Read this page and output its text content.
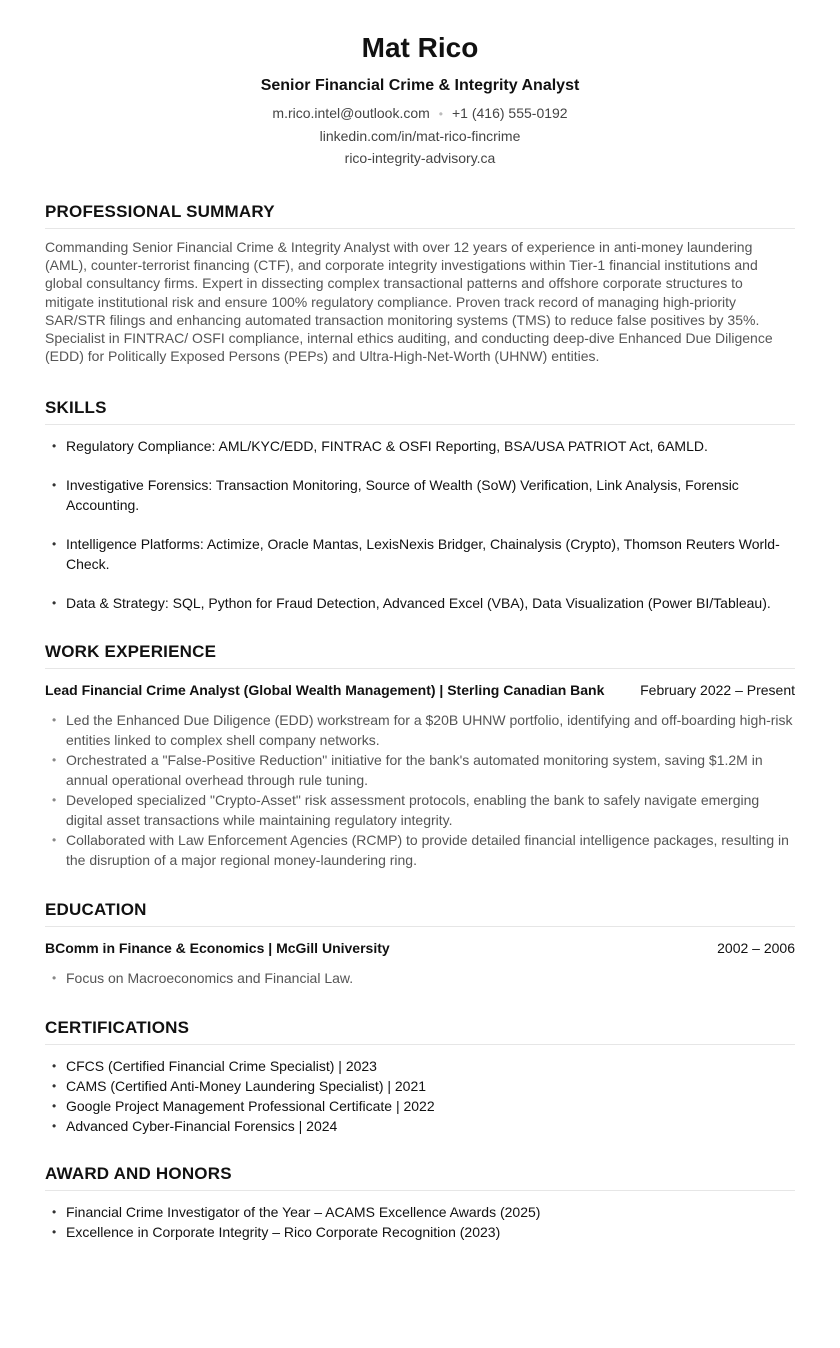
Mat Rico
Senior Financial Crime & Integrity Analyst
m.rico.intel@outlook.com • +1 (416) 555-0192
linkedin.com/in/mat-rico-fincrime
rico-integrity-advisory.ca
PROFESSIONAL SUMMARY
Commanding Senior Financial Crime & Integrity Analyst with over 12 years of experience in anti-money laundering (AML), counter-terrorist financing (CTF), and corporate integrity investigations within Tier-1 financial institutions and global consultancy firms. Expert in dissecting complex transactional patterns and offshore corporate structures to mitigate institutional risk and ensure 100% regulatory compliance. Proven track record of managing high-priority SAR/STR filings and enhancing automated transaction monitoring systems (TMS) to reduce false positives by 35%. Specialist in FINTRAC/ OSFI compliance, internal ethics auditing, and conducting deep-dive Enhanced Due Diligence (EDD) for Politically Exposed Persons (PEPs) and Ultra-High-Net-Worth (UHNW) entities.
SKILLS
• Regulatory Compliance: AML/KYC/EDD, FINTRAC & OSFI Reporting, BSA/USA PATRIOT Act, 6AMLD.
• Investigative Forensics: Transaction Monitoring, Source of Wealth (SoW) Verification, Link Analysis, Forensic Accounting.
• Intelligence Platforms: Actimize, Oracle Mantas, LexisNexis Bridger, Chainalysis (Crypto), Thomson Reuters World-Check.
• Data & Strategy: SQL, Python for Fraud Detection, Advanced Excel (VBA), Data Visualization (Power BI/Tableau).
WORK EXPERIENCE
Lead Financial Crime Analyst (Global Wealth Management) | Sterling Canadian Bank	February 2022 – Present
• Led the Enhanced Due Diligence (EDD) workstream for a $20B UHNW portfolio, identifying and off-boarding high-risk entities linked to complex shell company networks.
• Orchestrated a "False-Positive Reduction" initiative for the bank's automated monitoring system, saving $1.2M in annual operational overhead through rule tuning.
• Developed specialized "Crypto-Asset" risk assessment protocols, enabling the bank to safely navigate emerging digital asset transactions while maintaining regulatory integrity.
• Collaborated with Law Enforcement Agencies (RCMP) to provide detailed financial intelligence packages, resulting in the disruption of a major regional money-laundering ring.
EDUCATION
BComm in Finance & Economics | McGill University	2002 – 2006
• Focus on Macroeconomics and Financial Law.
CERTIFICATIONS
• CFCS (Certified Financial Crime Specialist) | 2023
• CAMS (Certified Anti-Money Laundering Specialist) | 2021
• Google Project Management Professional Certificate | 2022
• Advanced Cyber-Financial Forensics | 2024
AWARD AND HONORS
• Financial Crime Investigator of the Year – ACAMS Excellence Awards (2025)
• Excellence in Corporate Integrity – Rico Corporate Recognition (2023)
